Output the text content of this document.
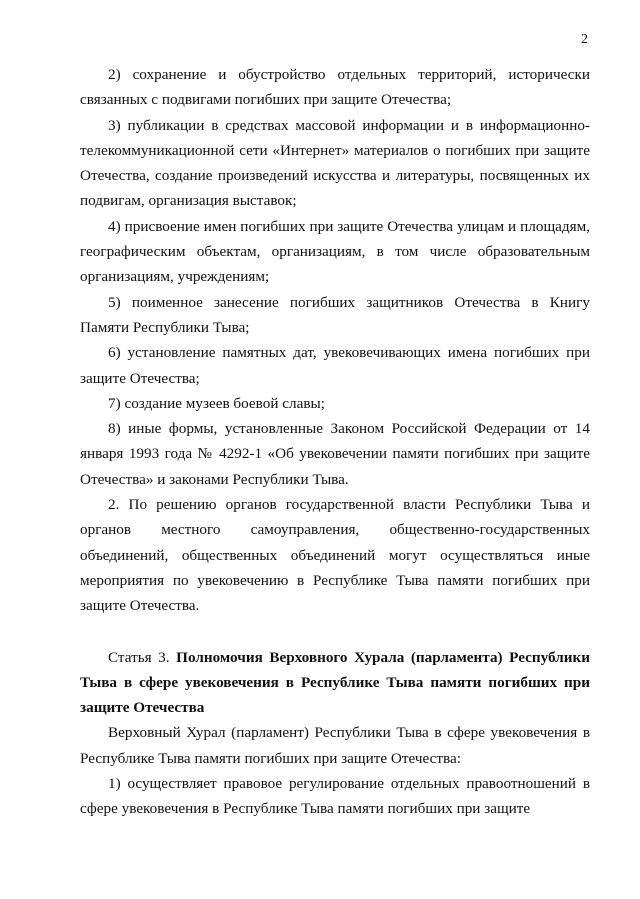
2

2) сохранение и обустройство отдельных территорий, исторически связанных с подвигами погибших при защите Отечества;

3) публикации в средствах массовой информации и в информационно-телекоммуникационной сети «Интернет» материалов о погибших при защите Отечества, создание произведений искусства и литературы, посвященных их подвигам, организация выставок;

4) присвоение имен погибших при защите Отечества улицам и площадям, географическим объектам, организациям, в том числе образовательным организациям, учреждениям;

5) поименное занесение погибших защитников Отечества в Книгу Памяти Республики Тыва;

6) установление памятных дат, увековечивающих имена погибших при защите Отечества;

7) создание музеев боевой славы;

8) иные формы, установленные Законом Российской Федерации от 14 января 1993 года № 4292-1 «Об увековечении памяти погибших при защите Отечества» и законами Республики Тыва.

2. По решению органов государственной власти Республики Тыва и органов местного самоуправления, общественно-государственных объединений, общественных объединений могут осуществляться иные мероприятия по увековечению в Республике Тыва памяти погибших при защите Отечества.

Статья 3. Полномочия Верховного Хурала (парламента) Республики Тыва в сфере увековечения в Республике Тыва памяти погибших при защите Отечества

Верховный Хурал (парламент) Республики Тыва в сфере увековечения в Республике Тыва памяти погибших при защите Отечества:

1) осуществляет правовое регулирование отдельных правоотношений в сфере увековечения в Республике Тыва памяти погибших при защите
